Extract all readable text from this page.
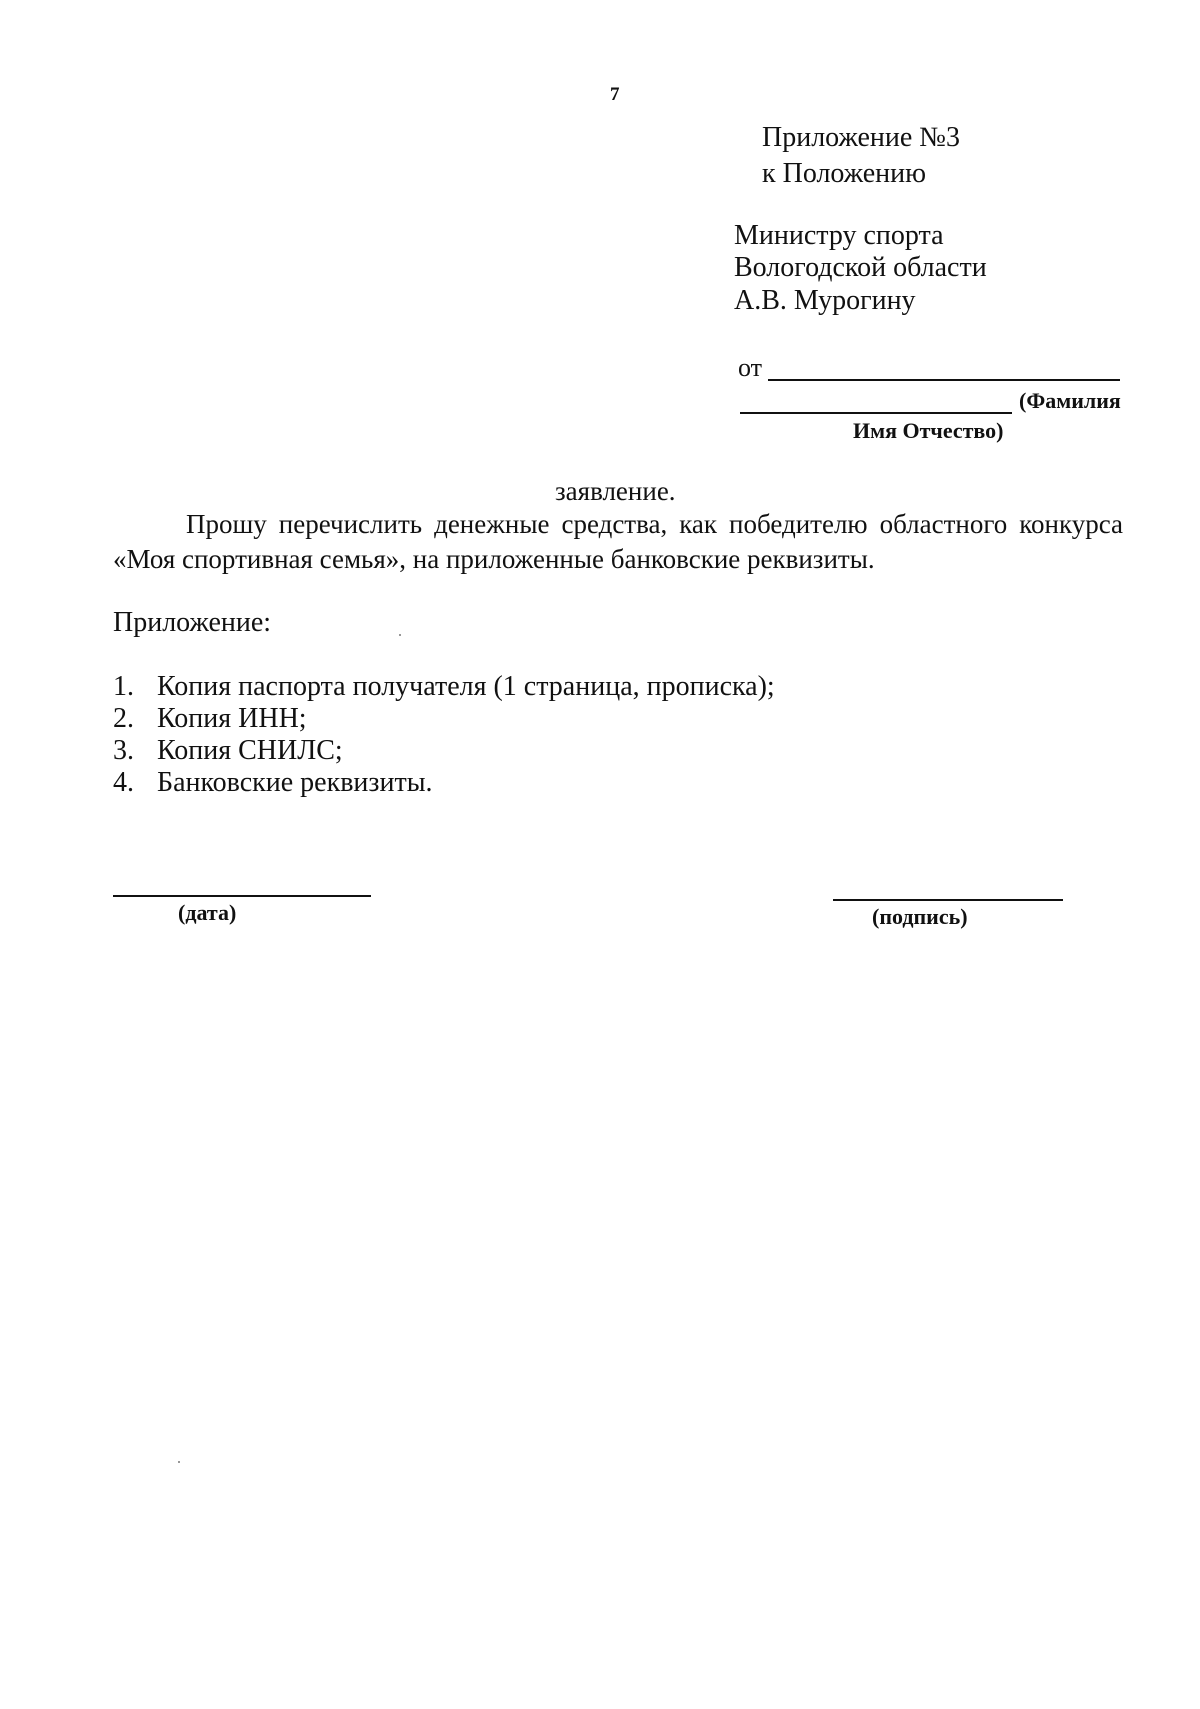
7
Приложение №3
к Положению
Министру спорта
Вологодской области
А.В. Мурогину
от
(Фамилия
Имя Отчество)
заявление.

Прошу перечислить денежные средства, как победителю областного конкурса «Моя спортивная семья», на приложенные банковские реквизиты.

Приложение:
1. Копия паспорта получателя (1 страница, прописка);
2. Копия ИНН;
3. Копия СНИЛС;
4. Банковские реквизиты.
(дата)	(подпись)
